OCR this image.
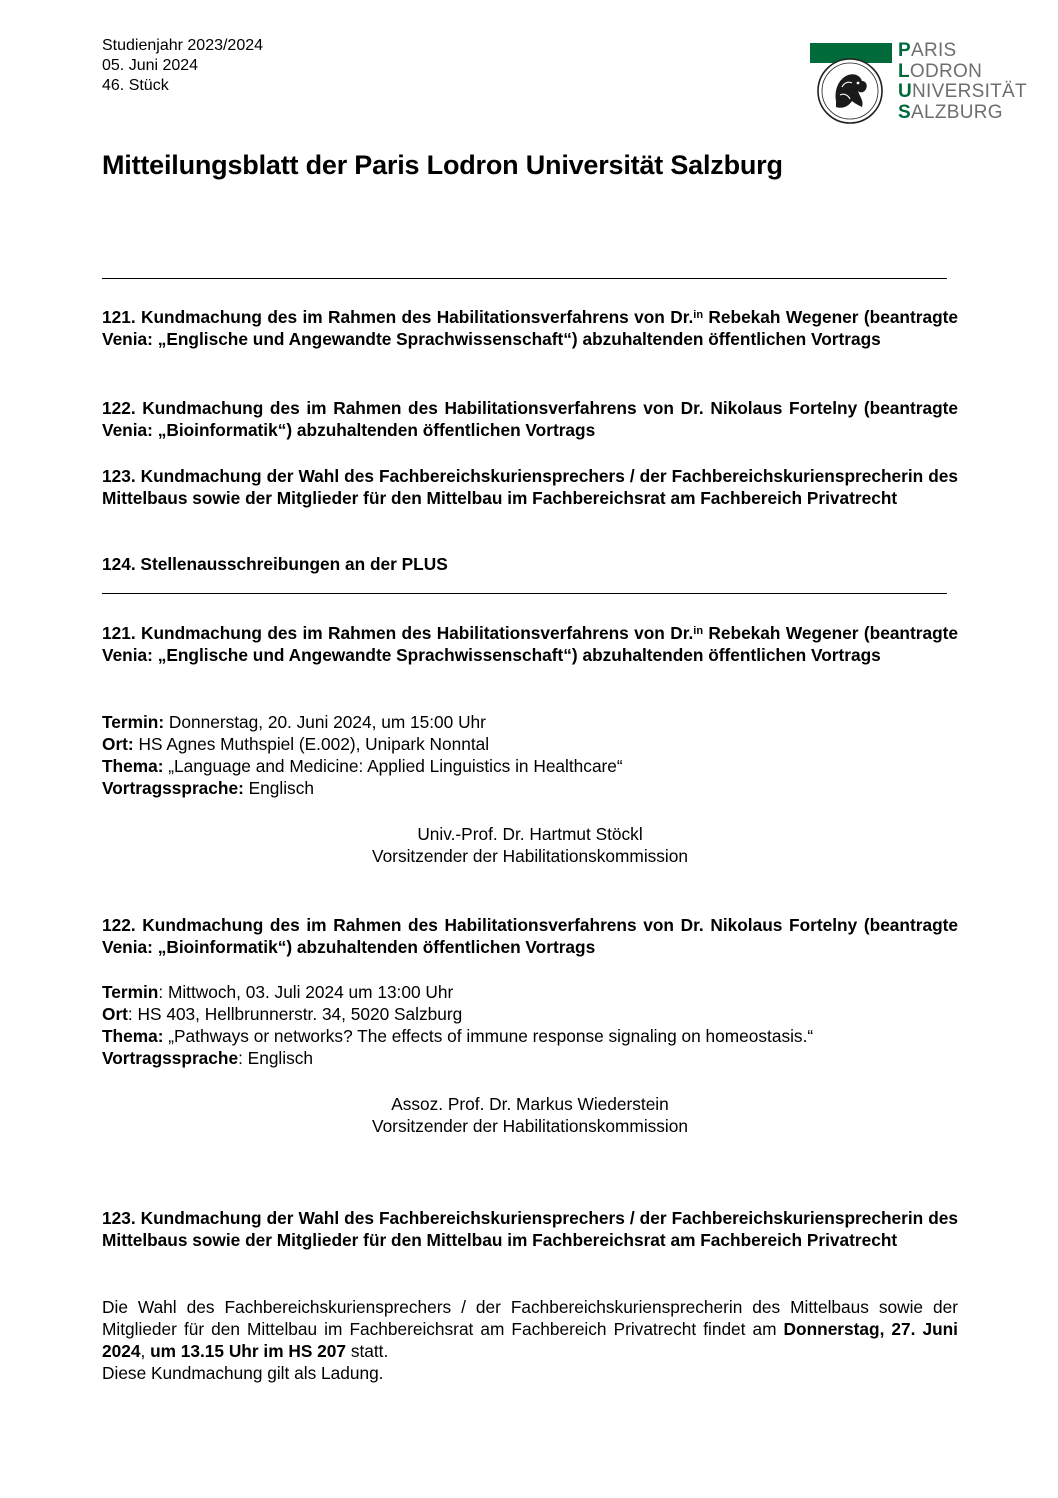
Studienjahr 2023/2024
05. Juni 2024
46. Stück
PARIS
LODRON
UNIVERSITÄT
SALZBURG
Mitteilungsblatt der Paris Lodron Universität Salzburg

121. Kundmachung des im Rahmen des Habilitationsverfahrens von Dr.$^{in}$ Rebekah Wegener (beantragte Venia: „Englische und Angewandte Sprachwissenschaft“) abzuhaltenden öffentlichen Vortrags

122. Kundmachung des im Rahmen des Habilitationsverfahrens von Dr. Nikolaus Fortelny (beantragte Venia: „Bioinformatik“) abzuhaltenden öffentlichen Vortrags

123. Kundmachung der Wahl des Fachbereichskuriensprechers / der Fachbereichskuriensprecherin des Mittelbaus sowie der Mitglieder für den Mittelbau im Fachbereichsrat am Fachbereich Privatrecht

124. Stellenausschreibungen an der PLUS

121. Kundmachung des im Rahmen des Habilitationsverfahrens von Dr.$^{in}$ Rebekah Wegener (beantragte Venia: „Englische und Angewandte Sprachwissenschaft“) abzuhaltenden öffentlichen Vortrags

Termin: Donnerstag, 20. Juni 2024, um 15:00 Uhr

Ort: HS Agnes Muthspiel (E.002), Unipark Nonntal

Thema: „Language and Medicine: Applied Linguistics in Healthcare“

Vortragssprache: Englisch

Univ.-Prof. Dr. Hartmut Stöckl
Vorsitzender der Habilitationskommission

122. Kundmachung des im Rahmen des Habilitationsverfahrens von Dr. Nikolaus Fortelny (beantragte Venia: „Bioinformatik“) abzuhaltenden öffentlichen Vortrags

Termin: Mittwoch, 03. Juli 2024 um 13:00 Uhr

Ort: HS 403, Hellbrunnerstr. 34, 5020 Salzburg

Thema: „Pathways or networks? The effects of immune response signaling on homeostasis.“

Vortragssprache: Englisch

Assoz. Prof. Dr. Markus Wiederstein
Vorsitzender der Habilitationskommission

123. Kundmachung der Wahl des Fachbereichskuriensprechers / der Fachbereichskuriensprecherin des Mittelbaus sowie der Mitglieder für den Mittelbau im Fachbereichsrat am Fachbereich Privatrecht

Die Wahl des Fachbereichskuriensprechers / der Fachbereichskuriensprecherin des Mittelbaus sowie der Mitglieder für den Mittelbau im Fachbereichsrat am Fachbereich Privatrecht findet am Donnerstag, 27. Juni 2024, um 13.15 Uhr im HS 207 statt.

Diese Kundmachung gilt als Ladung.
